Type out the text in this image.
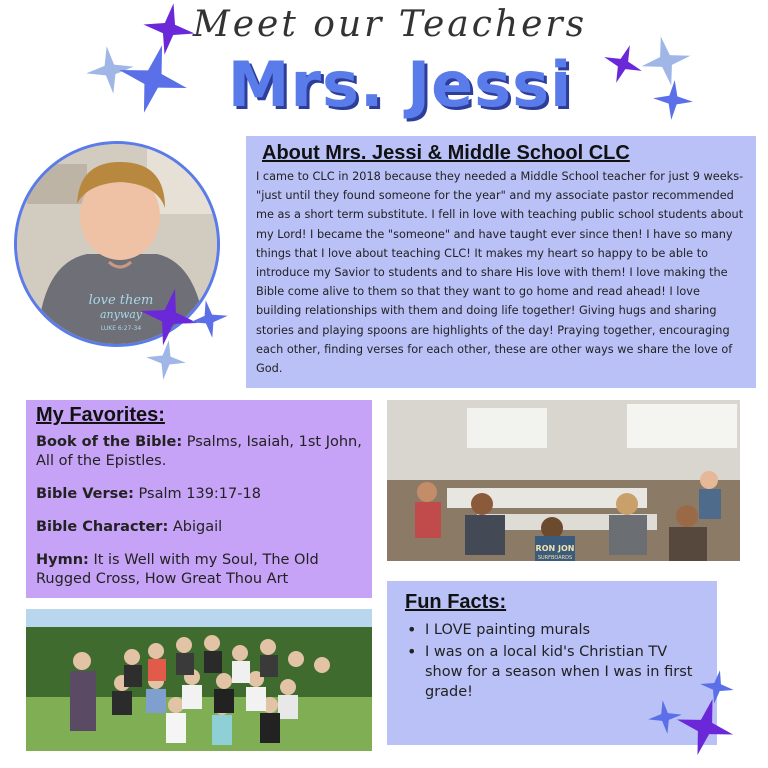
Meet our Teachers
Mrs. Jessi
love them
anyway
LUKE 6:27-34
About Mrs. Jessi & Middle School CLC

I came to CLC in 2018 because they needed a Middle School teacher for just 9 weeks-"just until they found someone for the year" and my associate pastor recommended me as a short term substitute. I fell in love with teaching public school students about my Lord! I became the "someone" and have taught ever since then! I have so many things that I love about teaching CLC! It makes my heart so happy to be able to introduce my Savior to students and to share His love with them! I love making the Bible come alive to them so that they want to go home and read ahead! I love building relationships with them and doing life together! Giving hugs and sharing stories and playing spoons are highlights of the day! Praying together, encouraging each other, finding verses for each other, these are other ways we share the love of God.

My Favorites:
Book of the Bible: Psalms, Isaiah, 1st John, All of the Epistles.
Bible Verse: Psalm 139:17-18
Bible Character: Abigail
Hymn: It is Well with my Soul, The Old Rugged Cross, How Great Thou Art
RON JON
SURFBOARDS
Fun Facts:
• I LOVE painting murals
• I was on a local kid's Christian TV show for a season when I was in first grade!
